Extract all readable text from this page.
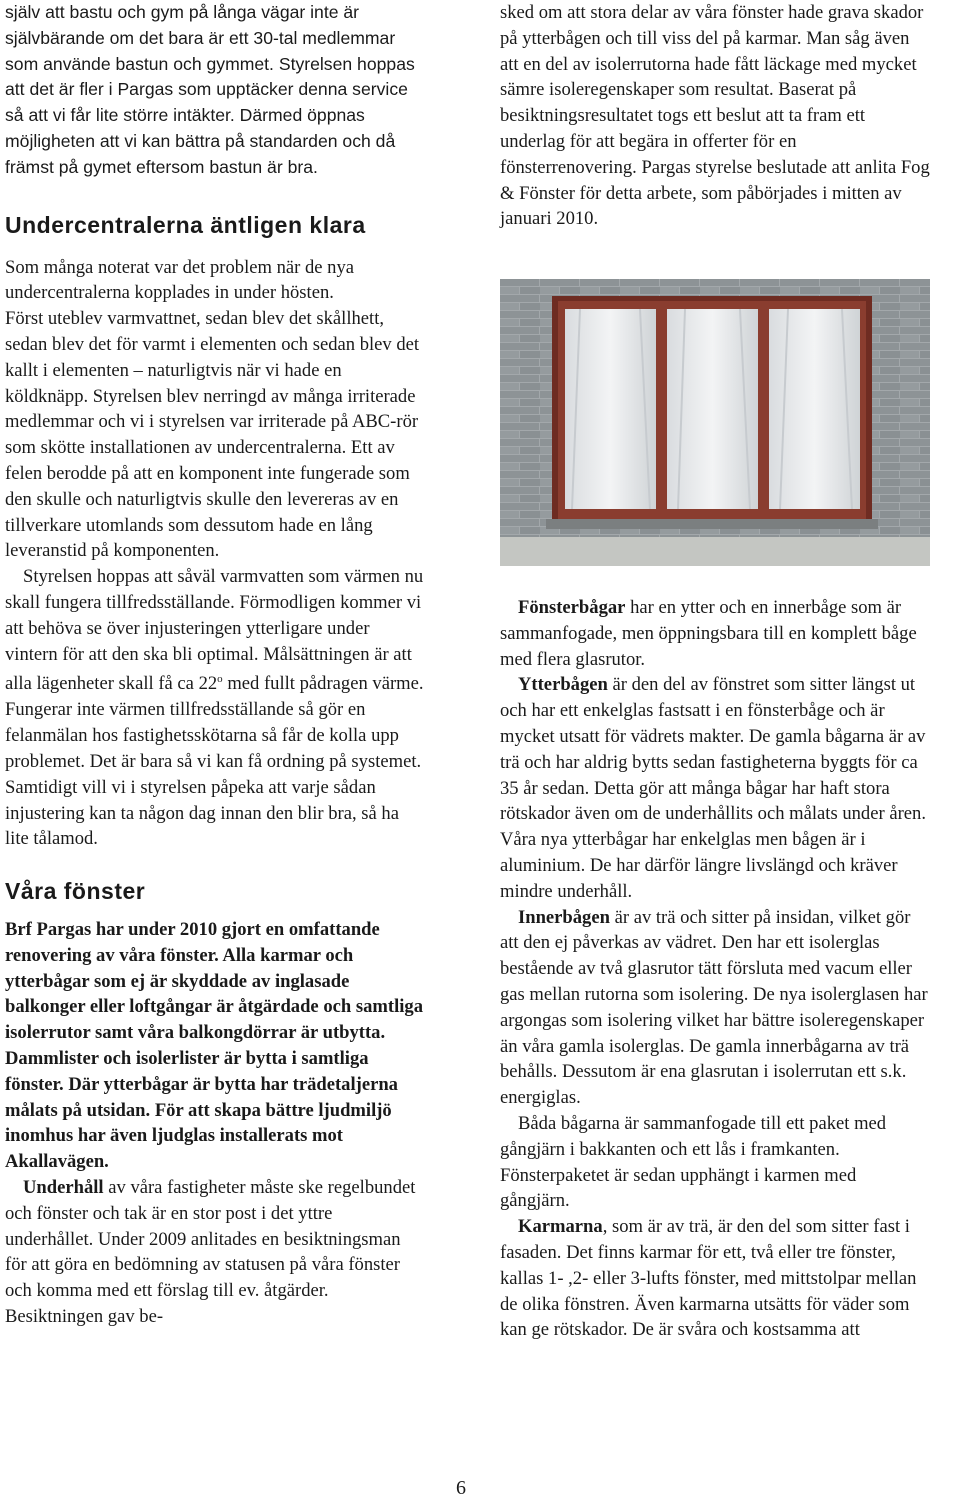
själv att bastu och gym på långa vägar inte är självbärande om det bara är ett 30-tal medlemmar som använde bastun och gymmet. Styrelsen hoppas att det är fler i Pargas som upptäcker denna service så att vi får lite större intäkter. Därmed öppnas möjligheten att vi kan bättra på standarden och då främst på gymet eftersom bastun är bra.

Undercentralerna äntligen klara

Som många noterat var det problem när de nya undercentralerna kopplades in under hösten.

Först uteblev varmvattnet, sedan blev det skållhett, sedan blev det för varmt i elementen och sedan blev det kallt i elementen – naturligtvis när vi hade en köldknäpp. Styrelsen blev nerringd av många irriterade medlemmar och vi i styrelsen var irriterade på ABC-rör som skötte installationen av undercentralerna. Ett av felen berodde på att en komponent inte fungerade som den skulle och naturligtvis skulle den levereras av en tillverkare utomlands som dessutom hade en lång leveranstid på komponenten.

Styrelsen hoppas att såväl varmvatten som värmen nu skall fungera tillfredsställande. Förmodligen kommer vi att behöva se över injusteringen ytterligare under vintern för att den ska bli optimal. Målsättningen är att alla lägenheter skall få ca 22$^o$ med fullt pådragen värme. Fungerar inte värmen tillfredsställande så gör en felanmälan hos fastighetsskötarna så får de kolla upp problemet. Det är bara så vi kan få ordning på systemet. Samtidigt vill vi i styrelsen påpeka att varje sådan injustering kan ta någon dag innan den blir bra, så ha lite tålamod.

Våra fönster

Brf Pargas har under 2010 gjort en omfattande renovering av våra fönster. Alla karmar och ytterbågar som ej är skyddade av inglasade balkonger eller loftgångar är åtgärdade och samtliga isolerrutor samt våra balkongdörrar är utbytta. Dammlister och isolerlister är bytta i samtliga fönster. Där ytterbågar är bytta har trädetaljerna målats på utsidan. För att skapa bättre ljudmiljö inomhus har även ljudglas installerats mot Akallavägen.

Underhåll av våra fastigheter måste ske regelbundet och fönster och tak är en stor post i det yttre underhållet. Under 2009 anlitades en besiktningsman för att göra en bedömning av statusen på våra fönster och komma med ett förslag till ev. åtgärder. Besiktningen gav be-

sked om att stora delar av våra fönster hade grava skador på ytterbågen och till viss del på karmar. Man såg även att en del av isolerrutorna hade fått läckage med mycket sämre isoleregenskaper som resultat. Baserat på besiktningsresultatet togs ett beslut att ta fram ett underlag för att begära in offerter för en fönsterrenovering. Pargas styrelse beslutade att anlita Fog & Fönster för detta arbete, som påbörjades i mitten av januari 2010.

Fönsterbågar har en ytter och en innerbåge som är sammanfogade, men öppningsbara till en komplett båge med flera glasrutor.

Ytterbågen är den del av fönstret som sitter längst ut och har ett enkelglas fastsatt i en fönsterbåge och är mycket utsatt för vädrets makter. De gamla bågarna är av trä och har aldrig bytts sedan fastigheterna byggts för ca 35 år sedan. Detta gör att många bågar har haft stora rötskador även om de underhållits och målats under åren. Våra nya ytterbågar har enkelglas men bågen är i aluminium. De har därför längre livslängd och kräver mindre underhåll.

Innerbågen är av trä och sitter på insidan, vilket gör att den ej påverkas av vädret. Den har ett isolerglas bestående av två glasrutor tätt försluta med vacum eller gas mellan rutorna som isolering. De nya isolerglasen har argongas som isolering vilket har bättre isoleregenskaper än våra gamla isolerglas. De gamla innerbågarna av trä behålls. Dessutom är ena glasrutan i isolerrutan ett s.k. energiglas.

Båda bågarna är sammanfogade till ett paket med gångjärn i bakkanten och ett lås i framkanten. Fönsterpaketet är sedan upphängt i karmen med gångjärn.

Karmarna, som är av trä, är den del som sitter fast i fasaden. Det finns karmar för ett, två eller tre fönster, kallas 1- ,2- eller 3-lufts fönster, med mittstolpar mellan de olika fönstren. Även karmarna utsätts för väder som kan ge rötskador. De är svåra och kostsamma att

6
